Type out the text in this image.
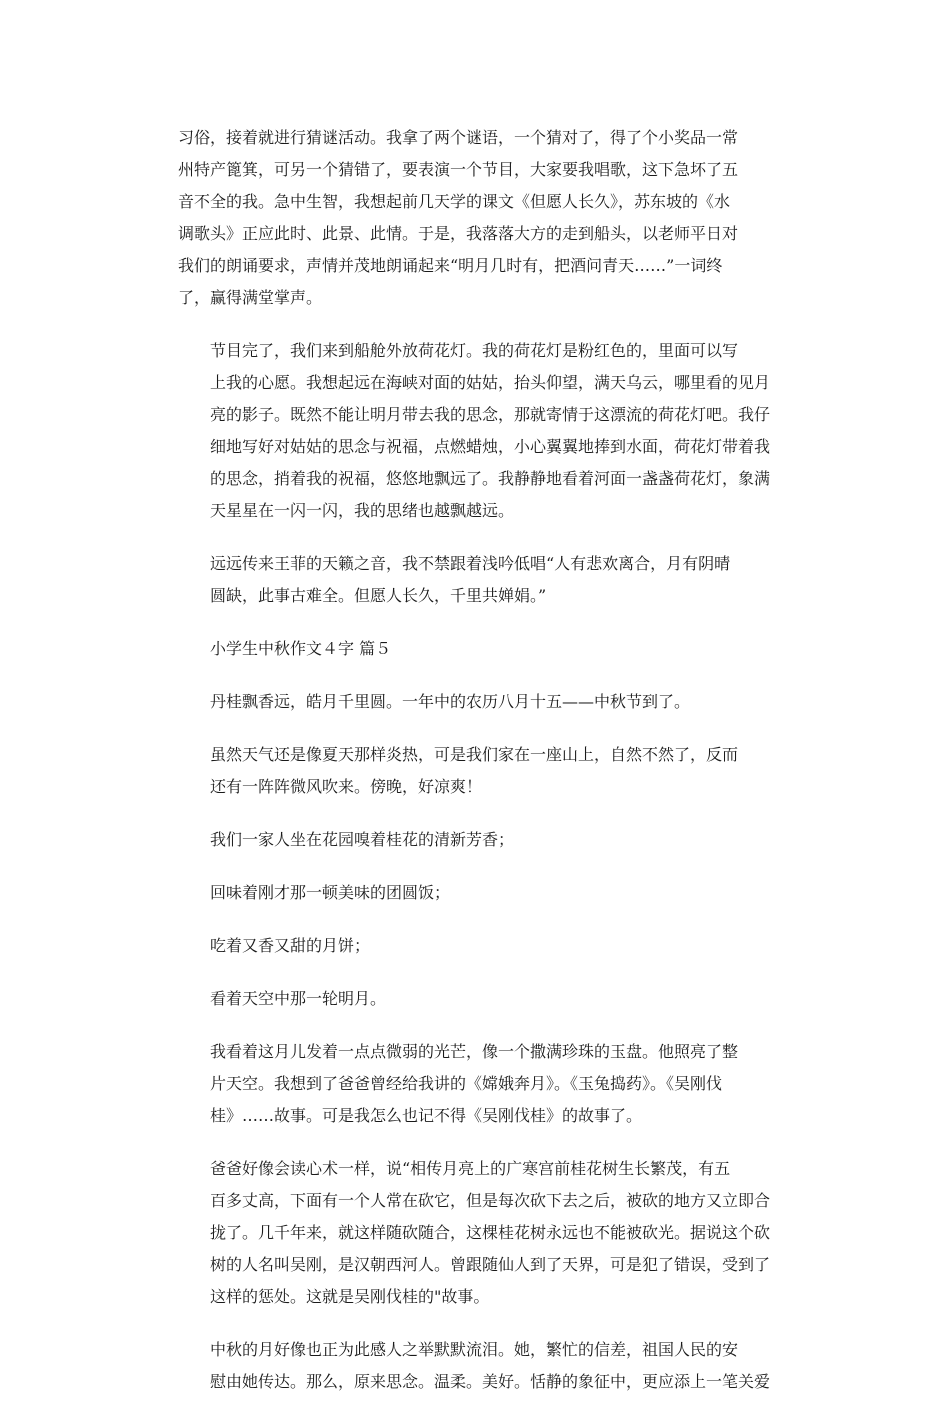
习俗，接着就进行猜谜活动。我拿了两个谜语，一个猜对了，得了个小奖品一常
州特产篦箕，可另一个猜错了，要表演一个节目，大家要我唱歌，这下急坏了五
音不全的我。急中生智，我想起前几天学的课文《但愿人长久》，苏东坡的《水
调歌头》正应此时、此景、此情。于是，我落落大方的走到船头，以老师平日对
我们的朗诵要求，声情并茂地朗诵起来“明月几时有，把酒问青天……”一词终
了，赢得满堂掌声。

节目完了，我们来到船舱外放荷花灯。我的荷花灯是粉红色的，里面可以写
上我的心愿。我想起远在海峡对面的姑姑，抬头仰望，满天乌云，哪里看的见月
亮的影子。既然不能让明月带去我的思念，那就寄情于这漂流的荷花灯吧。我仔
细地写好对姑姑的思念与祝福，点燃蜡烛，小心翼翼地捧到水面，荷花灯带着我
的思念，捎着我的祝福，悠悠地飘远了。我静静地看着河面一盏盏荷花灯，象满
天星星在一闪一闪，我的思绪也越飘越远。

远远传来王菲的天籁之音，我不禁跟着浅吟低唱“人有悲欢离合，月有阴晴
圆缺，此事古难全。但愿人长久，千里共婵娟。”

小学生中秋作文４字 篇５

丹桂飘香远，皓月千里圆。一年中的农历八月十五——中秋节到了。

虽然天气还是像夏天那样炎热，可是我们家在一座山上，自然不然了，反而
还有一阵阵微风吹来。傍晚，好凉爽！

我们一家人坐在花园嗅着桂花的清新芳香；

回味着刚才那一顿美味的团圆饭；

吃着又香又甜的月饼；

看着天空中那一轮明月。

我看着这月儿发着一点点微弱的光芒，像一个撒满珍珠的玉盘。他照亮了整
片天空。我想到了爸爸曾经给我讲的《嫦娥奔月》。《玉兔捣药》。《吴刚伐
桂》……故事。可是我怎么也记不得《吴刚伐桂》的故事了。

爸爸好像会读心术一样，说“相传月亮上的广寒宫前桂花树生长繁茂，有五
百多丈高，下面有一个人常在砍它，但是每次砍下去之后，被砍的地方又立即合
拢了。几千年来，就这样随砍随合，这棵桂花树永远也不能被砍光。据说这个砍
树的人名叫吴刚，是汉朝西河人。曾跟随仙人到了天界，可是犯了错误，受到了
这样的惩处。这就是吴刚伐桂的"故事。

中秋的月好像也正为此感人之举默默流泪。她，繁忙的信差，祖国人民的安
慰由她传达。那么，原来思念。温柔。美好。恬静的象征中，更应添上一笔关爱
